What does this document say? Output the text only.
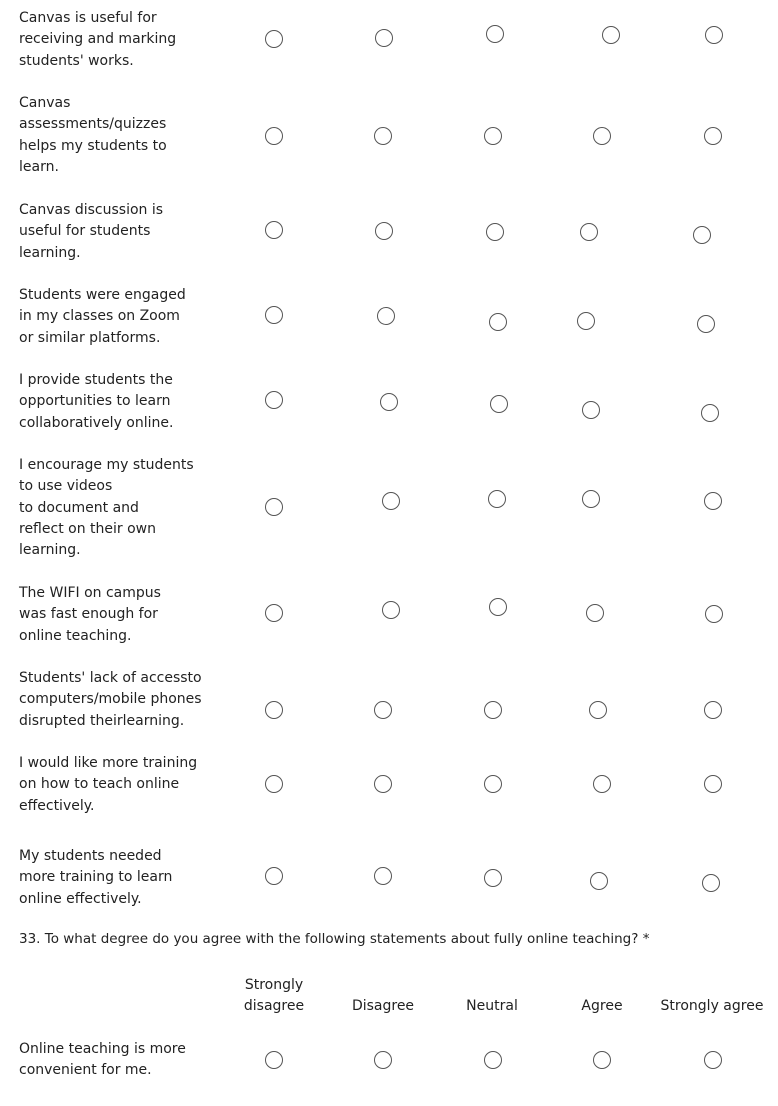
Canvas is useful for
receiving and marking
students' works.
Canvas
assessments/quizzes
helps my students to
learn.
Canvas discussion is
useful for students
learning.
Students were engaged
in my classes on Zoom
or similar platforms.
I provide students the
opportunities to learn
collaboratively online.
I encourage my students
to use videos
to document and
reflect on their own
learning.
The WIFI on campus
was fast enough for
online teaching.
Students' lack of accessto
computers/mobile phones
disrupted theirlearning.
I would like more training
on how to teach online
effectively.
My students needed
more training to learn
online effectively.
33. To what degree do you agree with the following statements about fully online teaching? *
Strongly
disagree	Disagree	Neutral	Agree	Strongly agree
Online teaching is more
convenient for me.
